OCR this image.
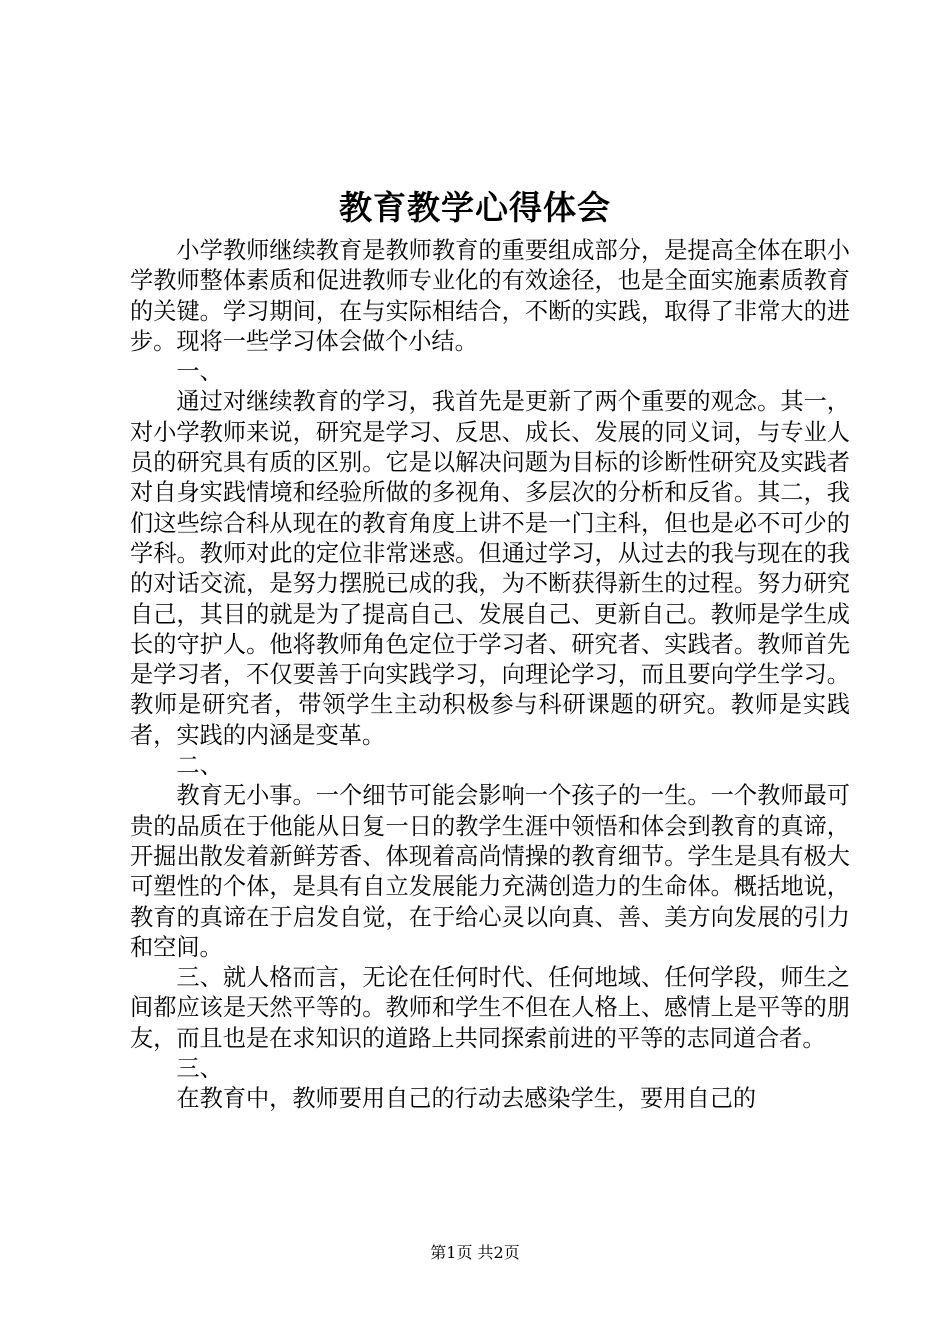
教育教学心得体会

小学教师继续教育是教师教育的重要组成部分，是提高全体在职小学教师整体素质和促进教师专业化的有效途径，也是全面实施素质教育的关键。学习期间，在与实际相结合，不断的实践，取得了非常大的进步。现将一些学习体会做个小结。

一、

通过对继续教育的学习，我首先是更新了两个重要的观念。其一，对小学教师来说，研究是学习、反思、成长、发展的同义词，与专业人员的研究具有质的区别。它是以解决问题为目标的诊断性研究及实践者对自身实践情境和经验所做的多视角、多层次的分析和反省。其二，我们这些综合科从现在的教育角度上讲不是一门主科，但也是必不可少的学科。教师对此的定位非常迷惑。但通过学习，从过去的我与现在的我的对话交流，是努力摆脱已成的我，为不断获得新生的过程。努力研究自己，其目的就是为了提高自己、发展自己、更新自己。教师是学生成长的守护人。他将教师角色定位于学习者、研究者、实践者。教师首先是学习者，不仅要善于向实践学习，向理论学习，而且要向学生学习。教师是研究者，带领学生主动积极参与科研课题的研究。教师是实践者，实践的内涵是变革。

二、

教育无小事。一个细节可能会影响一个孩子的一生。一个教师最可贵的品质在于他能从日复一日的教学生涯中领悟和体会到教育的真谛，开掘出散发着新鲜芳香、体现着高尚情操的教育细节。学生是具有极大可塑性的个体，是具有自立发展能力充满创造力的生命体。概括地说，教育的真谛在于启发自觉，在于给心灵以向真、善、美方向发展的引力和空间。

三、就人格而言，无论在任何时代、任何地域、任何学段，师生之间都应该是天然平等的。教师和学生不但在人格上、感情上是平等的朋友，而且也是在求知识的道路上共同探索前进的平等的志同道合者。

三、

在教育中，教师要用自己的行动去感染学生，要用自己的

第1页 共2页
